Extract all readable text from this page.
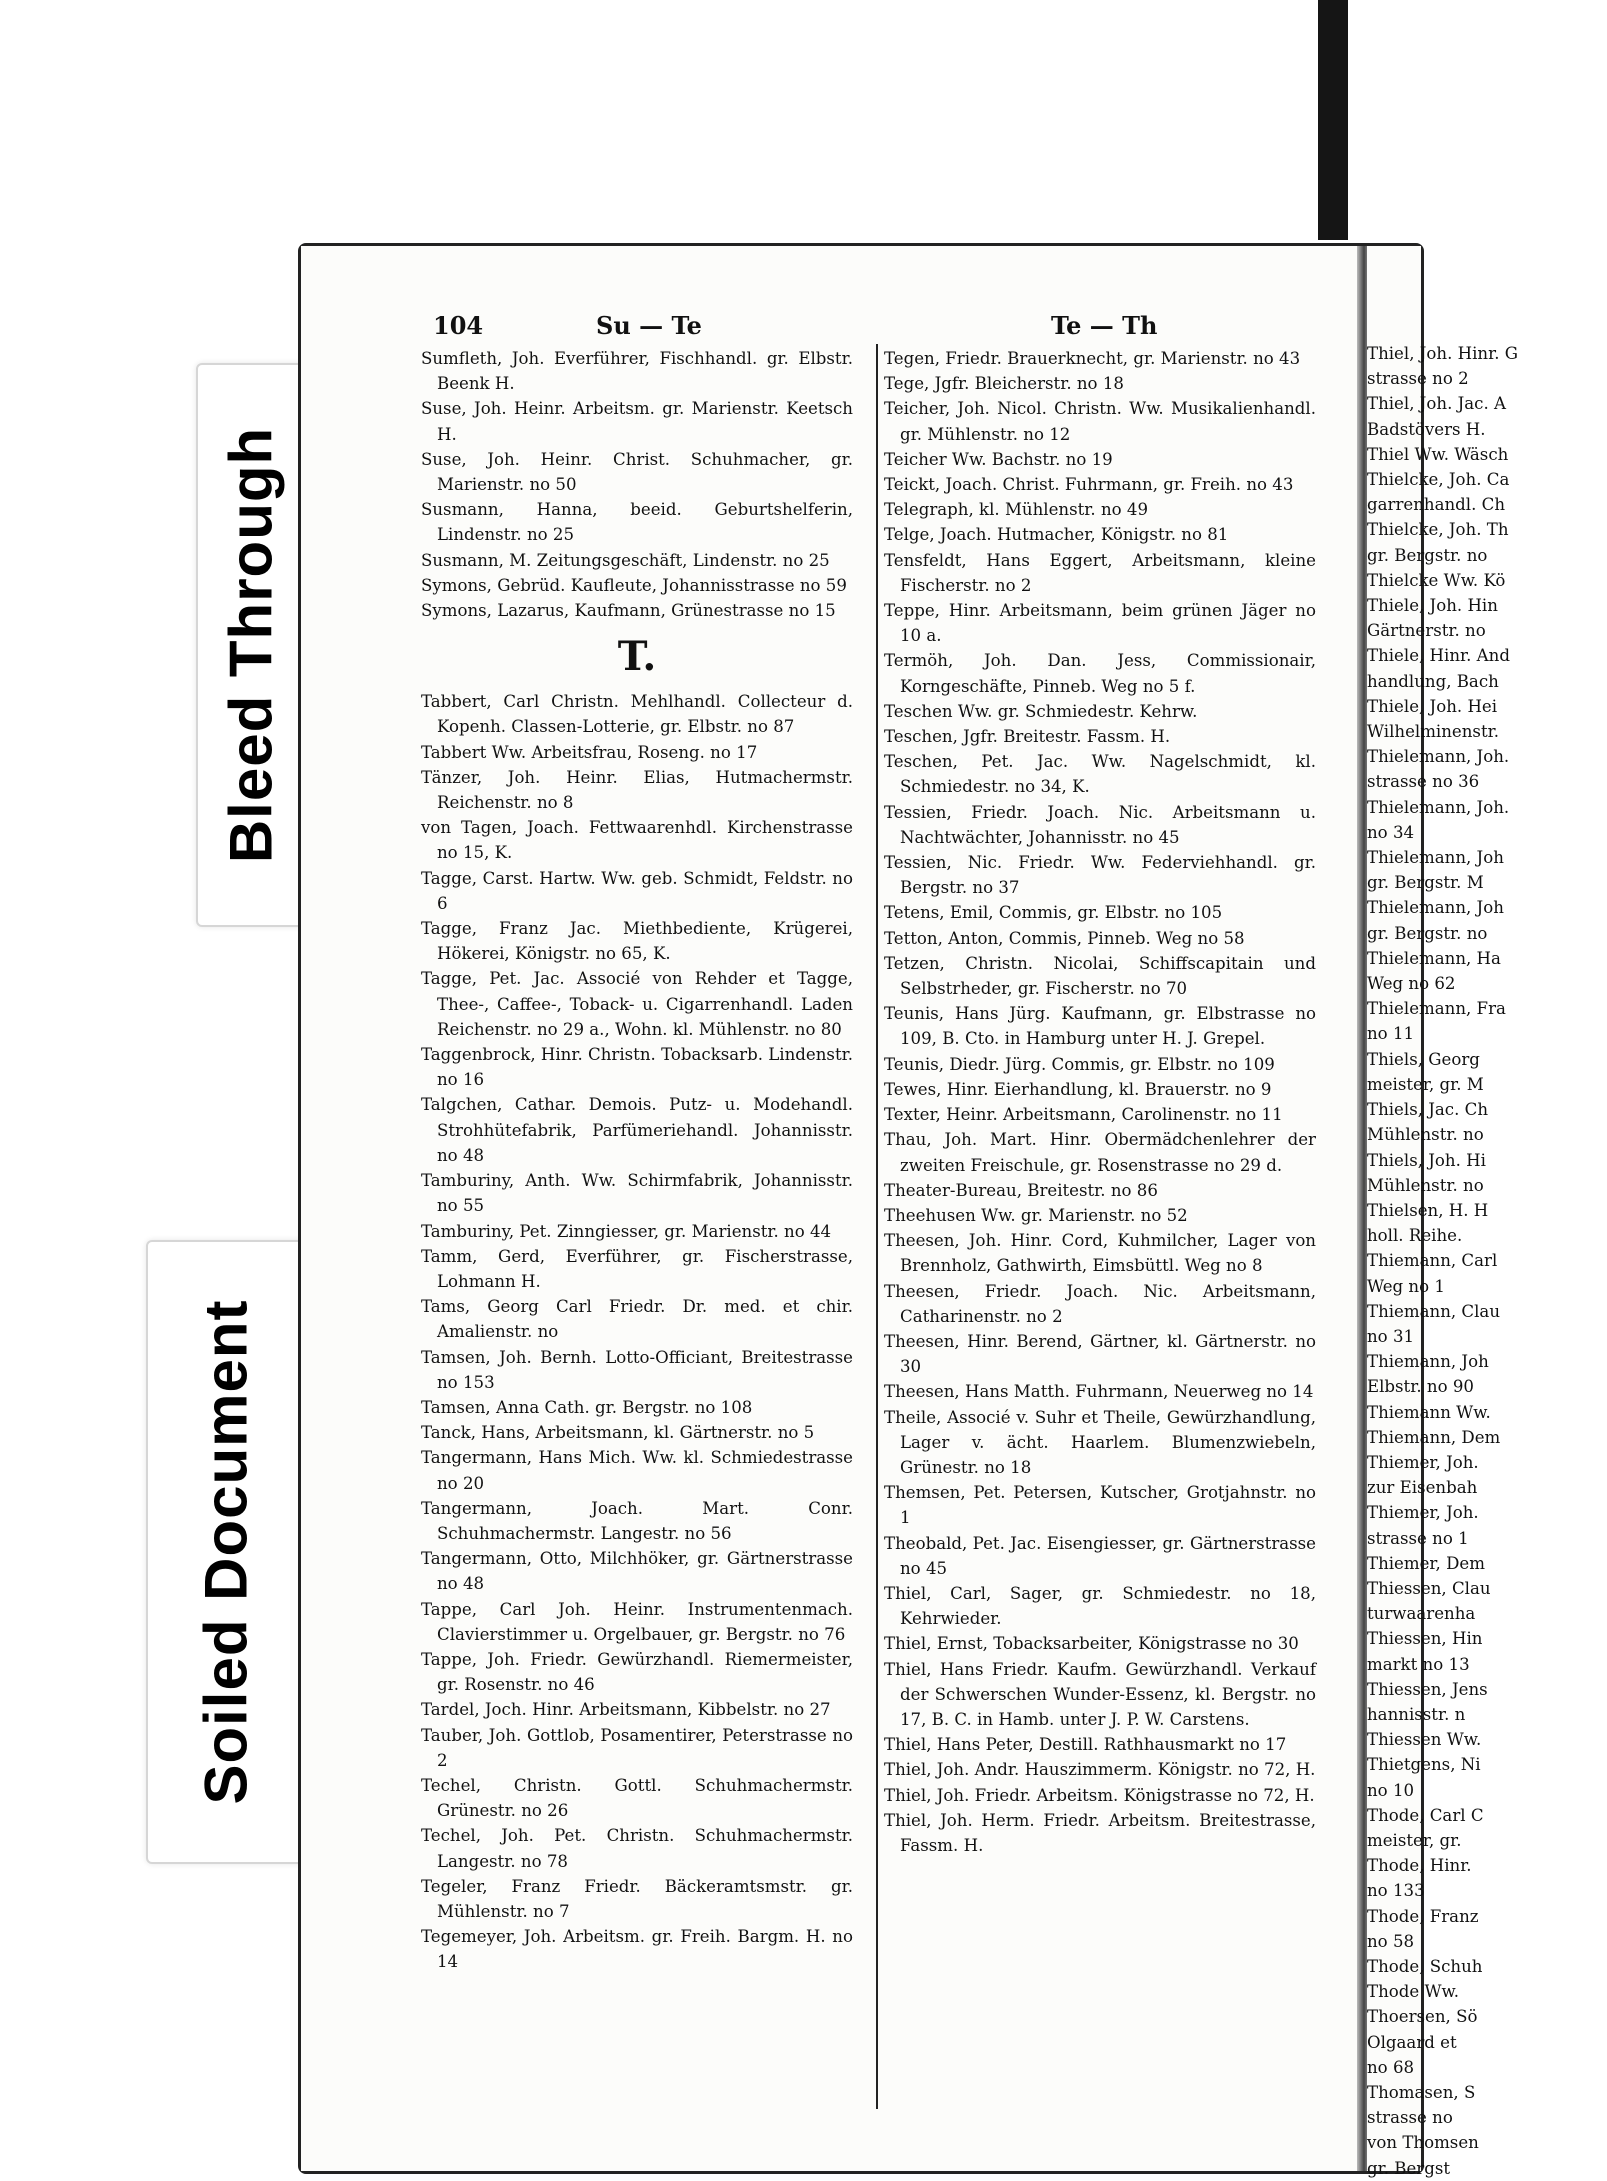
Bleed Through
Soiled Document
104	Su — Te	Te — Th
Sumfleth, Joh. Everführer, Fischhandl. gr. Elbstr. Beenk H.
Suse, Joh. Heinr. Arbeitsm. gr. Marienstr. Keetsch H.
Suse, Joh. Heinr. Christ. Schuhmacher, gr. Marienstr. no 50
Susmann, Hanna, beeid. Geburtshelferin, Lindenstr. no 25
Susmann, M. Zeitungsgeschäft, Lindenstr. no 25
Symons, Gebrüd. Kaufleute, Johannisstrasse no 59
Symons, Lazarus, Kaufmann, Grünestrasse no 15
T.
Tabbert, Carl Christn. Mehlhandl. Collecteur d. Kopenh. Classen-Lotterie, gr. Elbstr. no 87
Tabbert Ww. Arbeitsfrau, Roseng. no 17
Tänzer, Joh. Heinr. Elias, Hutmachermstr. Reichenstr. no 8
von Tagen, Joach. Fettwaarenhdl. Kirchenstrasse no 15, K.
Tagge, Carst. Hartw. Ww. geb. Schmidt, Feldstr. no 6
Tagge, Franz Jac. Miethbediente, Krügerei, Hökerei, Königstr. no 65, K.
Tagge, Pet. Jac. Associé von Rehder et Tagge, Thee-, Caffee-, Toback- u. Cigarrenhandl. Laden Reichenstr. no 29 a., Wohn. kl. Mühlenstr. no 80
Taggenbrock, Hinr. Christn. Tobacksarb. Lindenstr. no 16
Talgchen, Cathar. Demois. Putz- u. Modehandl. Strohhütefabrik, Parfümeriehandl. Johannisstr. no 48
Tamburiny, Anth. Ww. Schirmfabrik, Johannisstr. no 55
Tamburiny, Pet. Zinngiesser, gr. Marienstr. no 44
Tamm, Gerd, Everführer, gr. Fischerstrasse, Lohmann H.
Tams, Georg Carl Friedr. Dr. med. et chir. Amalienstr. no
Tamsen, Joh. Bernh. Lotto-Officiant, Breitestrasse no 153
Tamsen, Anna Cath. gr. Bergstr. no 108
Tanck, Hans, Arbeitsmann, kl. Gärtnerstr. no 5
Tangermann, Hans Mich. Ww. kl. Schmiedestrasse no 20
Tangermann, Joach. Mart. Conr. Schuhmachermstr. Langestr. no 56
Tangermann, Otto, Milchhöker, gr. Gärtnerstrasse no 48
Tappe, Carl Joh. Heinr. Instrumentenmach. Clavierstimmer u. Orgelbauer, gr. Bergstr. no 76
Tappe, Joh. Friedr. Gewürzhandl. Riemermeister, gr. Rosenstr. no 46
Tardel, Joch. Hinr. Arbeitsmann, Kibbelstr. no 27
Tauber, Joh. Gottlob, Posamentirer, Peterstrasse no 2
Techel, Christn. Gottl. Schuhmachermstr. Grünestr. no 26
Techel, Joh. Pet. Christn. Schuhmachermstr. Langestr. no 78
Tegeler, Franz Friedr. Bäckeramtsmstr. gr. Mühlenstr. no 7
Tegemeyer, Joh. Arbeitsm. gr. Freih. Bargm. H. no 14
Tegen, Friedr. Brauerknecht, gr. Marienstr. no 43
Tege, Jgfr. Bleicherstr. no 18
Teicher, Joh. Nicol. Christn. Ww. Musikalienhandl. gr. Mühlenstr. no 12
Teicher Ww. Bachstr. no 19
Teickt, Joach. Christ. Fuhrmann, gr. Freih. no 43
Telegraph, kl. Mühlenstr. no 49
Telge, Joach. Hutmacher, Königstr. no 81
Tensfeldt, Hans Eggert, Arbeitsmann, kleine Fischerstr. no 2
Teppe, Hinr. Arbeitsmann, beim grünen Jäger no 10 a.
Termöh, Joh. Dan. Jess, Commissionair, Korngeschäfte, Pinneb. Weg no 5 f.
Teschen Ww. gr. Schmiedestr. Kehrw.
Teschen, Jgfr. Breitestr. Fassm. H.
Teschen, Pet. Jac. Ww. Nagelschmidt, kl. Schmiedestr. no 34, K.
Tessien, Friedr. Joach. Nic. Arbeitsmann u. Nachtwächter, Johannisstr. no 45
Tessien, Nic. Friedr. Ww. Federviehhandl. gr. Bergstr. no 37
Tetens, Emil, Commis, gr. Elbstr. no 105
Tetton, Anton, Commis, Pinneb. Weg no 58
Tetzen, Christn. Nicolai, Schiffscapitain und Selbstrheder, gr. Fischerstr. no 70
Teunis, Hans Jürg. Kaufmann, gr. Elbstrasse no 109, B. Cto. in Hamburg unter H. J. Grepel.
Teunis, Diedr. Jürg. Commis, gr. Elbstr. no 109
Tewes, Hinr. Eierhandlung, kl. Brauerstr. no 9
Texter, Heinr. Arbeitsmann, Carolinenstr. no 11
Thau, Joh. Mart. Hinr. Obermädchenlehrer der zweiten Freischule, gr. Rosenstrasse no 29 d.
Theater-Bureau, Breitestr. no 86
Theehusen Ww. gr. Marienstr. no 52
Theesen, Joh. Hinr. Cord, Kuhmilcher, Lager von Brennholz, Gathwirth, Eimsbüttl. Weg no 8
Theesen, Friedr. Joach. Nic. Arbeitsmann, Catharinenstr. no 2
Theesen, Hinr. Berend, Gärtner, kl. Gärtnerstr. no 30
Theesen, Hans Matth. Fuhrmann, Neuerweg no 14
Theile, Associé v. Suhr et Theile, Gewürzhandlung, Lager v. ächt. Haarlem. Blumenzwiebeln, Grünestr. no 18
Themsen, Pet. Petersen, Kutscher, Grotjahnstr. no 1
Theobald, Pet. Jac. Eisengiesser, gr. Gärtnerstrasse no 45
Thiel, Carl, Sager, gr. Schmiedestr. no 18, Kehrwieder.
Thiel, Ernst, Tobacksarbeiter, Königstrasse no 30
Thiel, Hans Friedr. Kaufm. Gewürzhandl. Verkauf der Schwerschen Wunder-Essenz, kl. Bergstr. no 17, B. C. in Hamb. unter J. P. W. Carstens.
Thiel, Hans Peter, Destill. Rathhausmarkt no 17
Thiel, Joh. Andr. Hauszimmerm. Königstr. no 72, H.
Thiel, Joh. Friedr. Arbeitsm. Königstrasse no 72, H.
Thiel, Joh. Herm. Friedr. Arbeitsm. Breitestrasse, Fassm. H.
Thiel, Joh. Hinr. G
strasse no 2
Thiel, Joh. Jac. A
Badstövers H.
Thiel Ww. Wäsch
Thielcke, Joh. Ca
garrenhandl. Ch
Thielcke, Joh. Th
gr. Bergstr. no
Thielcke Ww. Kö
Thiele, Joh. Hin
Gärtnerstr. no
Thiele, Hinr. And
handlung, Bach
Thiele, Joh. Hei
Wilhelminenstr.
Thielemann, Joh.
strasse no 36
Thielemann, Joh.
no 34
Thielemann, Joh
gr. Bergstr. M
Thielemann, Joh
gr. Bergstr. no
Thielemann, Ha
Weg no 62
Thielemann, Fra
no 11
Thiels, Georg
meister, gr. M
Thiels, Jac. Ch
Mühlenstr. no
Thiels, Joh. Hi
Mühlenstr. no
Thielsen, H. H
holl. Reihe.
Thiemann, Carl
Weg no 1
Thiemann, Clau
no 31
Thiemann, Joh
Elbstr. no 90
Thiemann Ww.
Thiemann, Dem
Thiemer, Joh.
zur Eisenbah
Thiemer, Joh.
strasse no 1
Thiemer, Dem
Thiessen, Clau
turwaarenha
Thiessen, Hin
markt no 13
Thiessen, Jens
hannisstr. n
Thiessen Ww.
Thietgens, Ni
no 10
Thode, Carl C
meister, gr.
Thode, Hinr.
no 133
Thode, Franz
no 58
Thode, Schuh
Thode Ww.
Thoersen, Sö
Olgaard et
no 68
Thomasen, S
strasse no
von Thomsen
gr. Bergst
